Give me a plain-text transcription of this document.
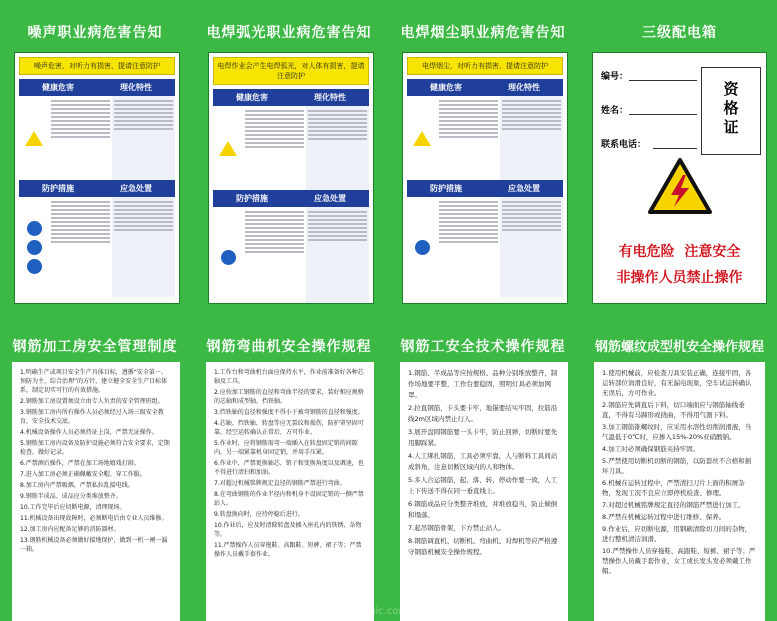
噪声职业病危害告知
噪声危害，对听力有损害，提请注意防护
健康危害	理化特性
防护措施	应急处置
电焊弧光职业病危害告知
电焊作业会产生电焊弧光，对人体有损害，提请注意防护
健康危害	理化特性
防护措施	应急处置
电焊烟尘职业病危害告知
电焊烟尘，对听力有损害，提请注意防护
健康危害	理化特性
防护措施	应急处置
三级配电箱
编号：
姓名：
联系电话：
资格证
有电危险 注意安全
非操作人员禁止操作
钢筋加工房安全管理制度

1.明确生产或项目安全生产具体目标，遵循“安全第一、预防为主、综合治理”的方针，建立健全安全生产目标体系，制定切实可行的有效措施。

2.钢筋加工房设置须设立由专人负责的安全管理班组。

3.钢筋加工房内所有操作人员必须经过入场三级安全教育，安全技术交底。

4.机械设备操作人员必须持证上岗，严禁无证操作。

5.钢筋加工房内设备及防护设施必须符合安全要求，定期检查，做好记录。

6.严禁酒后操作，严禁在加工场地嬉戏打闹。

7.进入加工房必须正确佩戴安全帽、穿工作服。

8.加工房内严禁吸烟，严禁私拉乱接电线。

9.钢筋半成品、成品应分类堆放整齐。

10.工作完毕后应切断电源，清理现场。

11.机械设备出现故障时，必须断电后由专业人员维修。

12.加工房内应配备足够的消防器材。

13.钢筋机械设备必须做好接地保护，做到一机一闸一漏一箱。

钢筋弯曲机安全操作规程

1.工作台和弯曲机台面应保持水平，作业前准备好各种芯轴及工具。

2.应按加工钢筋的直径和弯曲半径的要求，装好相应规格的芯轴和成型轴、挡铁轴。

3.挡铁轴的直径和强度不得小于被弯钢筋的直径和强度。

4.芯轴、挡铁轴、转盘等应无裂纹和损伤，防护罩坚固可靠，经空运转确认正常后，方可作业。

5.作业时，应将钢筋需弯一端插入在转盘固定销的间隙内，另一端紧靠机身固定销，并用手压紧。

6.作业中，严禁更换轴芯、销子和变换角度以及调速，也不得进行清扫和加油。

7.对超过机械铭牌规定直径的钢筋严禁进行弯曲。

8.在弯曲钢筋的作业半径内和机身不设固定销的一侧严禁站人。

9.转盘换向时，应待停稳后进行。

10.作业后，应及时清除转盘及插入座孔内的铁锈、杂物等。

11.严禁操作人员穿拖鞋、高跟鞋、短裤、裙子等；严禁操作人员戴手套作业。

钢筋工安全技术操作规程

1.钢筋、半成品等应按规格、品种分别堆放整齐，制作场地要平整，工作台要稳固，照明灯具必须加网罩。

2.拉直钢筋，卡头要卡牢，地锚要结实牢固，拉筋沿线2m区域内禁止行人。

3.展开盘圆钢筋要一头卡牢，防止回弹，切断时要先用脚踩紧。

4.人工绑扎钢筋，工具必须牢靠，人与断料工具间站成斜角，注意切断区域内的人和物体。

5.多人合运钢筋，起、落、转、停动作要一致，人工上下传送不得在同一垂直线上。

6.钢筋成品应分类整齐堆放，并堆放稳当，防止倾倒和塌落。

7.起吊钢筋骨架，下方禁止站人。

8.钢筋调直机、切断机、弯曲机、对焊机等应严格遵守钢筋机械安全操作规程。

钢筋螺纹成型机安全操作规程

1.使用机械前，应检查刀具安装正确，连接牢固，各运转部位润滑良好，有无漏电现象，空车试运转确认无误后，方可作业。

2.钢筋应先调直后下料，切口端面应与钢筋轴线垂直，不得有马蹄形或挠曲，不得用气割下料。

3.加工钢筋锥螺纹时，应采用水溶性切削润滑液，当气温低于0℃时，应掺入15%-20%亚硝酸钠。

4.加工时必须确保钢筋夹持牢固。

5.严禁使用切断机切断的钢筋，以防套丝不合格和损坏刀具。

6.机械在运转过程中，严禁清扫刀片上面的积屑杂物，发现工况不良应立即停机检查、修理。

7.对超过机械铭牌规定直径的钢筋严禁进行加工。

8.严禁在机械运转过程中进行维修、保养。

9.作业后，应切断电源，用钢刷清除切刀间的杂物，进行整机清洁润滑。

10.严禁操作人员穿拖鞋、高跟鞋、短裤、裙子等；严禁操作人员戴手套作业，女工或长发头发必须戴工作帽。

昵图网 www.nipic.com
